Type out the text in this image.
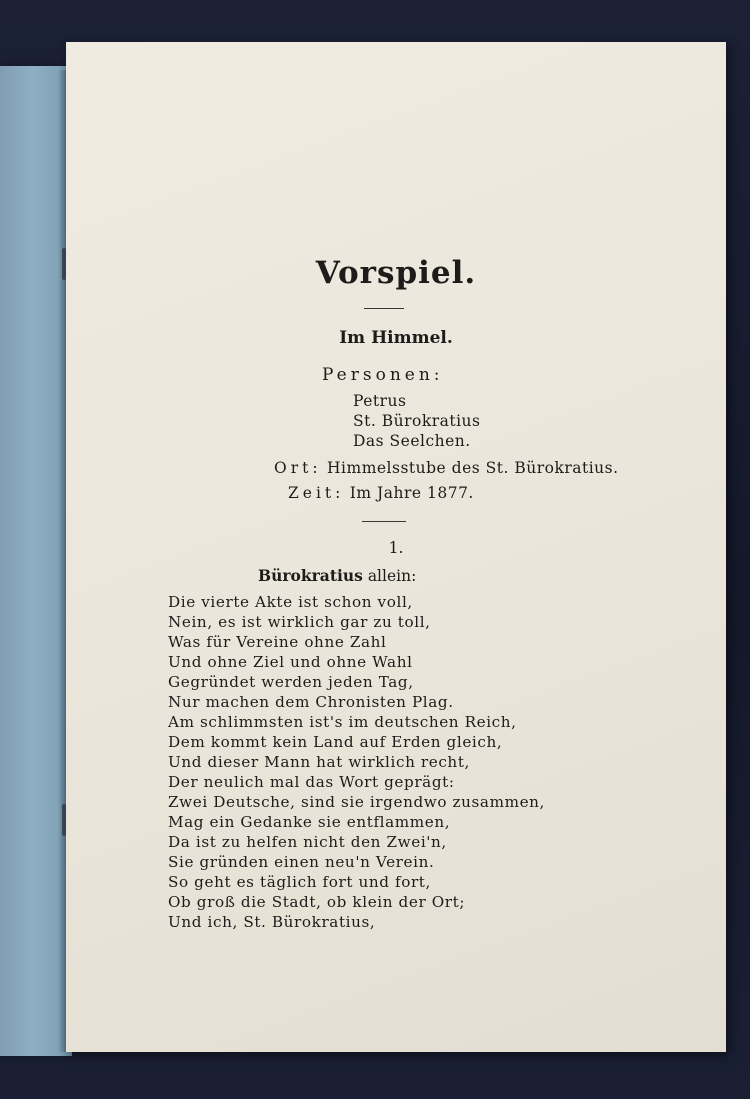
Vorspiel.
Im Himmel.
Personen:
Petrus
St. Bürokratius
Das Seelchen.
Ort: Himmelsstube des St. Bürokratius.
Zeit: Im Jahre 1877.
1.
Bürokratius allein:
Die vierte Akte ist schon voll,
Nein, es ist wirklich gar zu toll,
Was für Vereine ohne Zahl
Und ohne Ziel und ohne Wahl
Gegründet werden jeden Tag,
Nur machen dem Chronisten Plag.
Am schlimmsten ist's im deutschen Reich,
Dem kommt kein Land auf Erden gleich,
Und dieser Mann hat wirklich recht,
Der neulich mal das Wort geprägt:
Zwei Deutsche, sind sie irgendwo zusammen,
Mag ein Gedanke sie entflammen,
Da ist zu helfen nicht den Zwei'n,
Sie gründen einen neu'n Verein.
So geht es täglich fort und fort,
Ob groß die Stadt, ob klein der Ort;
Und ich, St. Bürokratius,
